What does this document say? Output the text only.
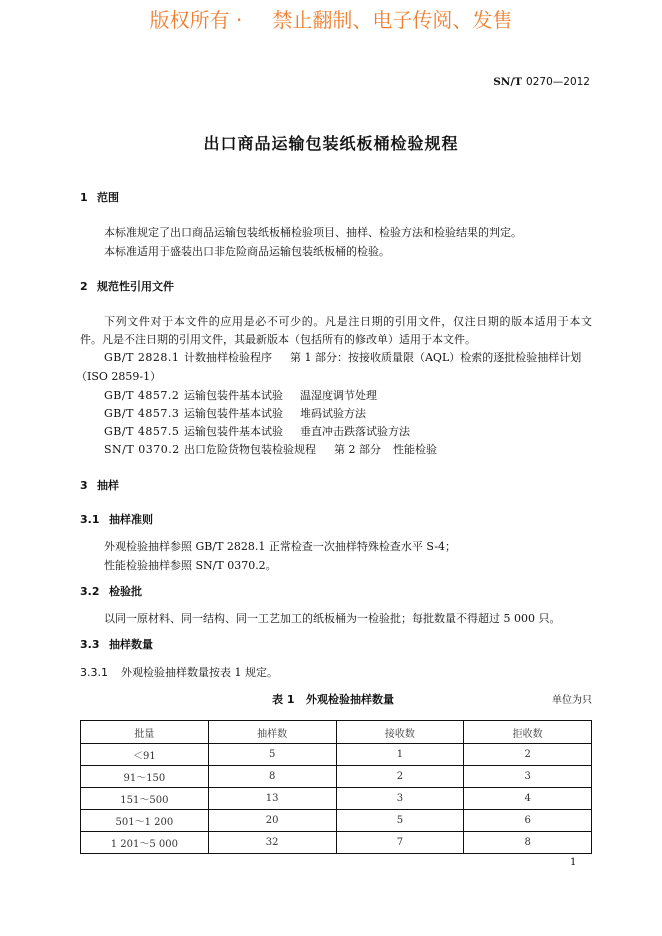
版权所有 · 禁止翻制、电子传阅、发售
SN/T 0270—2012
出口商品运输包装纸板桶检验规程
1 范围
本标准规定了出口商品运输包装纸板桶检验项目、抽样、检验方法和检验结果的判定。
本标准适用于盛装出口非危险商品运输包装纸板桶的检验。
2 规范性引用文件
下列文件对于本文件的应用是必不可少的。凡是注日期的引用文件，仅注日期的版本适用于本文
件。凡是不注日期的引用文件，其最新版本（包括所有的修改单）适用于本文件。
GB/T 2828.1 计数抽样检验程序 第 1 部分：按接收质量限（AQL）检索的逐批检验抽样计划
（ISO 2859-1）
GB/T 4857.2 运输包装件基本试验 温湿度调节处理
GB/T 4857.3 运输包装件基本试验 堆码试验方法
GB/T 4857.5 运输包装件基本试验 垂直冲击跌落试验方法
SN/T 0370.2 出口危险货物包装检验规程 第 2 部分 性能检验
3 抽样
3.1 抽样准则
外观检验抽样参照 GB/T 2828.1 正常检查一次抽样特殊检查水平 S-4；
性能检验抽样参照 SN/T 0370.2。
3.2 检验批
以同一原材料、同一结构、同一工艺加工的纸板桶为一检验批；每批数量不得超过 5 000 只。
3.3 抽样数量
3.3.1 外观检验抽样数量按表 1 规定。
表 1 外观检验抽样数量	单位为只
批量	抽样数	接收数	拒收数
＜91	5	1	2
91～150	8	2	3
151～500	13	3	4
501～1 200	20	5	6
1 201～5 000	32	7	8
1
